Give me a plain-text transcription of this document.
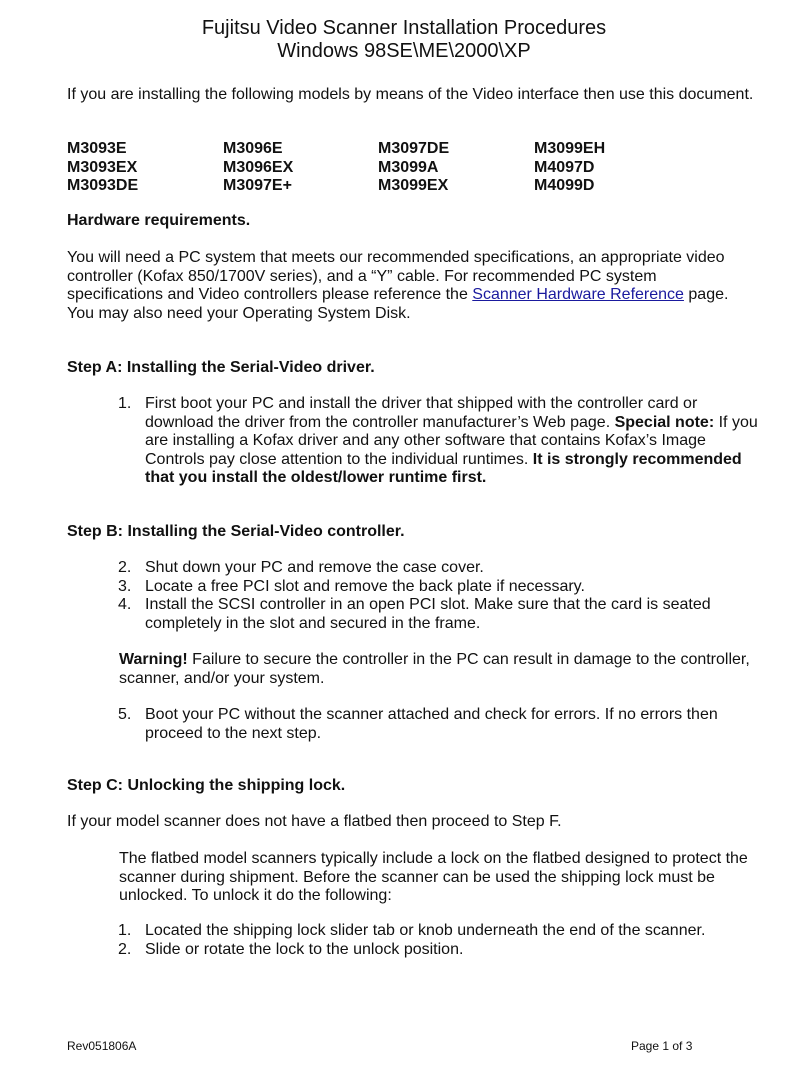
Fujitsu Video Scanner Installation Procedures
Windows 98SE\ME\2000\XP
If you are installing the following models by means of the Video interface then use this document.
M3093E
M3093EX
M3093DE
M3096E
M3096EX
M3097E+
M3097DE
M3099A
M3099EX
M3099EH
M4097D
M4099D
Hardware requirements.
You will need a PC system that meets our recommended specifications, an appropriate video controller (Kofax 850/1700V series), and a “Y” cable. For recommended PC system specifications and Video controllers please reference the Scanner Hardware Reference page. You may also need your Operating System Disk.
Step A: Installing the Serial-Video driver.
1. First boot your PC and install the driver that shipped with the controller card or download the driver from the controller manufacturer’s Web page. Special note: If you are installing a Kofax driver and any other software that contains Kofax’s Image Controls pay close attention to the individual runtimes. It is strongly recommended that you install the oldest/lower runtime first.
Step B: Installing the Serial-Video controller.
2. Shut down your PC and remove the case cover.
3. Locate a free PCI slot and remove the back plate if necessary.
4. Install the SCSI controller in an open PCI slot. Make sure that the card is seated completely in the slot and secured in the frame.
Warning! Failure to secure the controller in the PC can result in damage to the controller, scanner, and/or your system.
5. Boot your PC without the scanner attached and check for errors. If no errors then proceed to the next step.
Step C: Unlocking the shipping lock.
If your model scanner does not have a flatbed then proceed to Step F.
The flatbed model scanners typically include a lock on the flatbed designed to protect the scanner during shipment. Before the scanner can be used the shipping lock must be unlocked. To unlock it do the following:
1. Located the shipping lock slider tab or knob underneath the end of the scanner.
2. Slide or rotate the lock to the unlock position.
Rev051806A	Page 1 of 3
